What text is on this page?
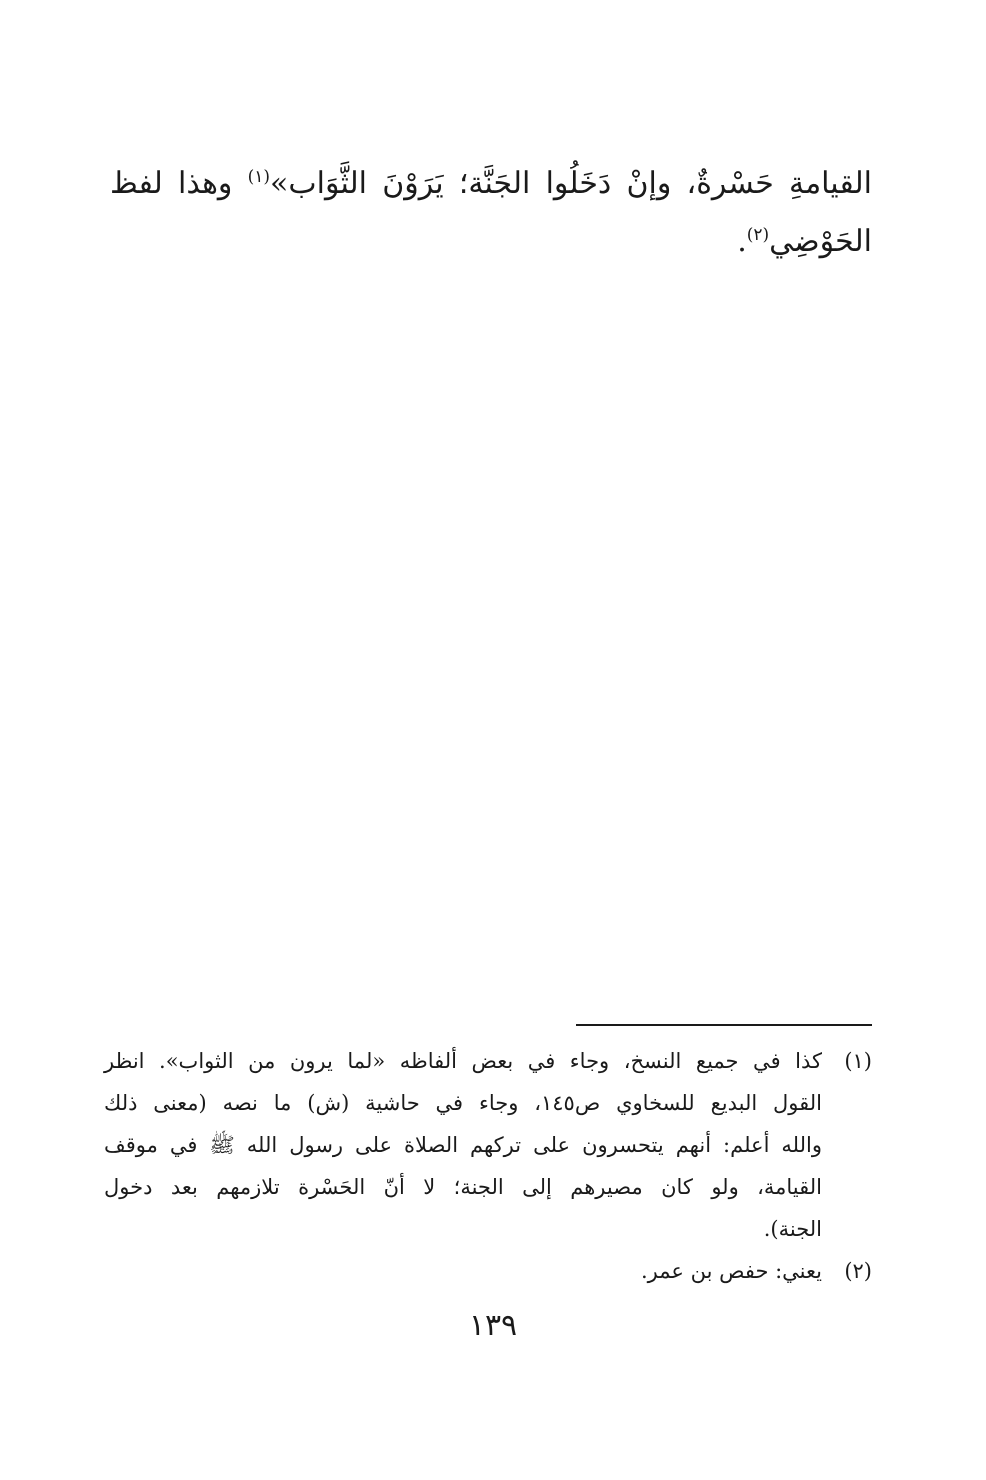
القيامةِ حَسْرةٌ، وإنْ دَخَلُوا الجَنَّة؛ يَرَوْنَ الثَّوَاب»$^{(١)}$ وهذا لفظ
الحَوْضِي$^{(٢)}$.
(١)
كذا في جميع النسخ، وجاء في بعض ألفاظه «لما يرون من الثواب». انظر
القول البديع للسخاوي ص١٤٥، وجاء في حاشية (ش) ما نصه (معنى ذلك
والله أعلم: أنهم يتحسرون على تركهم الصلاة على رسول الله ﷺ في موقف
القيامة، ولو كان مصيرهم إلى الجنة؛ لا أنّ الحَسْرة تلازمهم بعد دخول
الجنة).
(٢)
يعني: حفص بن عمر.
١٣٩
